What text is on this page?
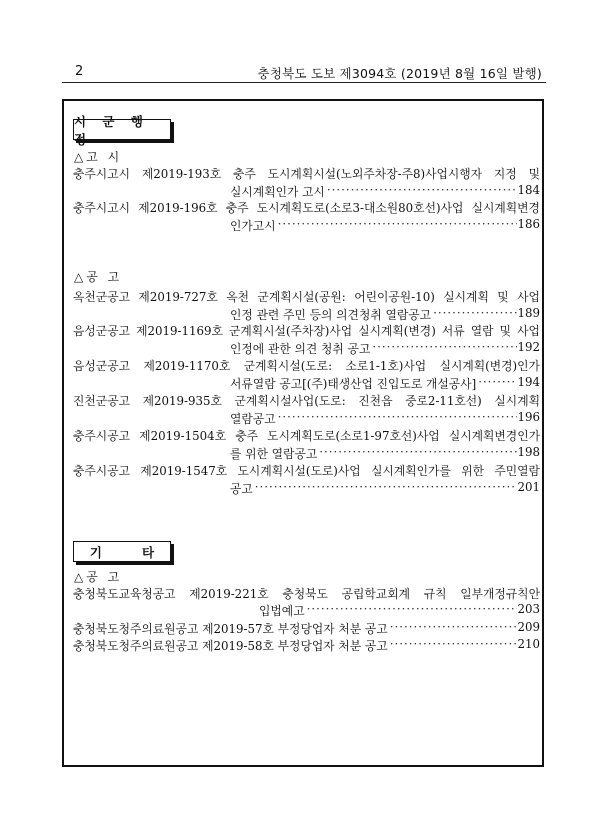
2	충청북도 도보 제3094호 (2019년 8월 16일 발행)
시 군 행 정
△고 시
충주시고시 제2019-193호 충주 도시계획시설(노외주차장-주8)사업시행자 지정 및
실시계획인가 고시 ·····	184
충주시고시 제2019-196호 충주 도시계획도로(소로3-대소원80호선)사업 실시계획변경
인가고시 ·····	186
△공 고
옥천군공고 제2019-727호 옥천 군계획시설(공원: 어린이공원-10) 실시계획 및 사업
인정 관련 주민 등의 의견청취 열람공고 ·····	189
음성군공고 제2019-1169호 군계획시설(주차장)사업 실시계획(변경) 서류 열람 및 사업
인정에 관한 의견 청취 공고 ·····	192
음성군공고 제2019-1170호 군계획시설(도로: 소로1-1호)사업 실시계획(변경)인가
서류열람 공고[(주)태생산업 진입도로 개설공사] ·····	194
진천군공고 제2019-935호 군계획시설사업(도로: 진천읍 중로2-11호선) 실시계획
열람공고 ·····	196
충주시공고 제2019-1504호 충주 도시계획도로(소로1-97호선)사업 실시계획변경인가
를 위한 열람공고 ·····	198
충주시공고 제2019-1547호 도시계획시설(도로)사업 실시계획인가를 위한 주민열람
공고 ·····	201
기	타
△공 고
충청북도교육청공고 제2019-221호 충청북도 공립학교회계 규칙 일부개정규칙안
입법예고 ·····	203
충청북도청주의료원공고 제2019-57호 부정당업자 처분 공고 ·····	209
충청북도청주의료원공고 제2019-58호 부정당업자 처분 공고 ·····	210
